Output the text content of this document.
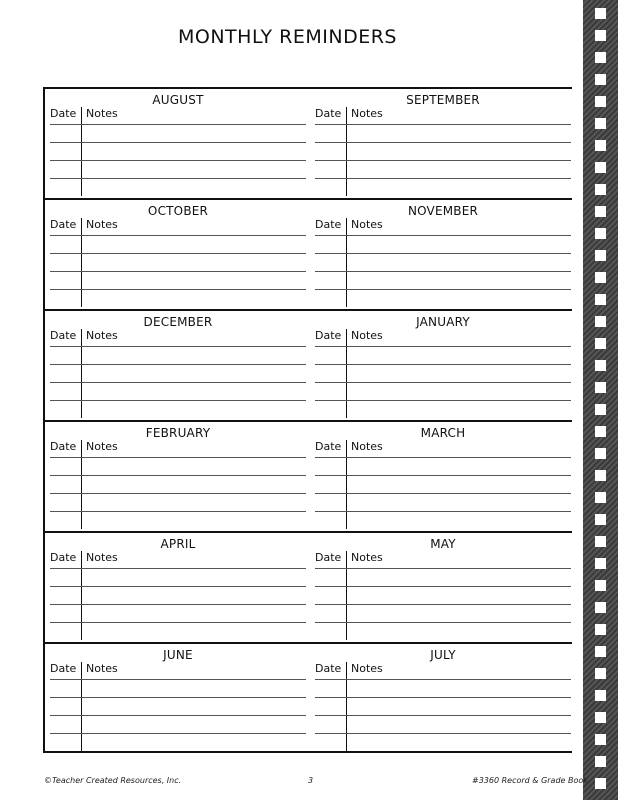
MONTHLY REMINDERS
AUGUST
Date Notes
SEPTEMBER
Date Notes
OCTOBER
Date Notes
NOVEMBER
Date Notes
DECEMBER
Date Notes
JANUARY
Date Notes
FEBRUARY
Date Notes
MARCH
Date Notes
APRIL
Date Notes
MAY
Date Notes
JUNE
Date Notes
JULY
Date Notes
©Teacher Created Resources, Inc.	3	#3360 Record & Grade Book
